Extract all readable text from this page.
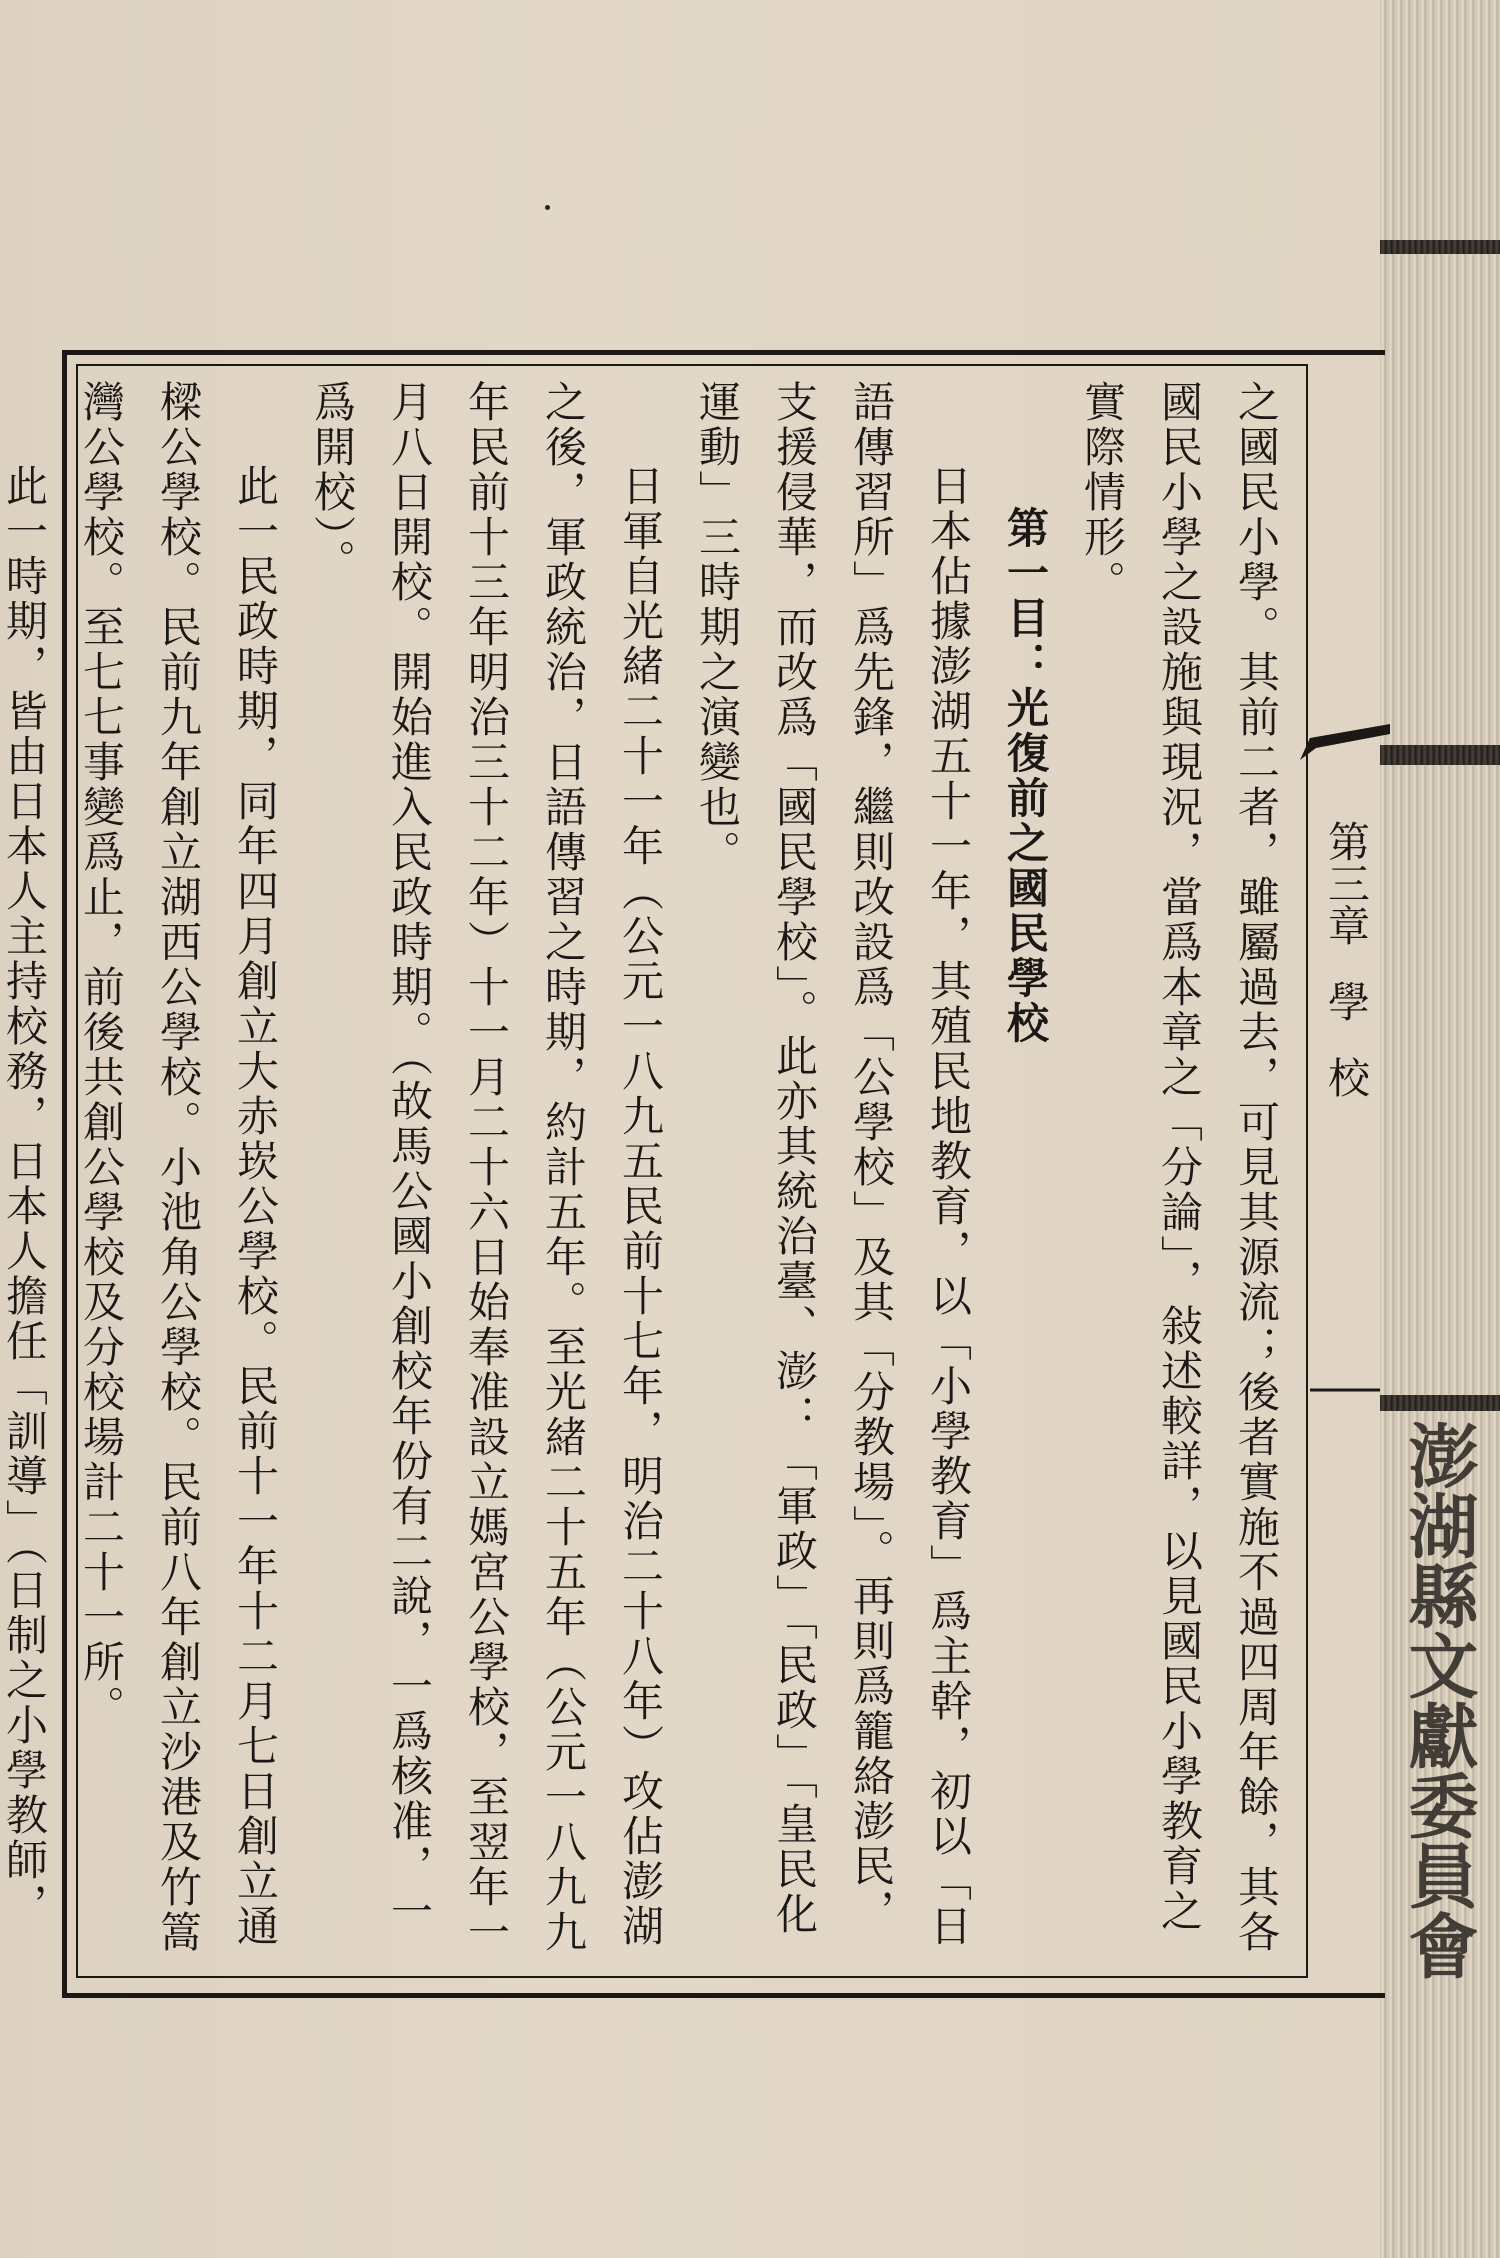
第三章學校
澎湖縣文獻委員會

之國民小學。其前二者，雖屬過去，可見其源流；後者實施不過四周年餘，其各國民小學之設施與現況，當爲本章之「分論」，敍述較詳，以見國民小學教育之實際情形。

第一目：光復前之國民學校

日本佔據澎湖五十一年，其殖民地教育，以「小學教育」爲主幹，初以「日語傳習所」爲先鋒，繼則改設爲「公學校」及其「分教場」。再則爲籠絡澎民，支援侵華，而改爲「國民學校」。此亦其統治臺、澎：「軍政」「民政」「皇民化運動」三時期之演變也。

日軍自光緒二十一年（公元一八九五民前十七年，明治二十八年）攻佔澎湖之後，軍政統治，日語傳習之時期，約計五年。至光緒二十五年（公元一八九九年民前十三年明治三十二年）十一月二十六日始奉准設立媽宮公學校，至翌年一月八日開校。開始進入民政時期。（故馬公國小創校年份有二說，一爲核准，一爲開校）。

此一民政時期，同年四月創立大赤崁公學校。民前十一年十二月七日創立通樑公學校。民前九年創立湖西公學校。小池角公學校。民前八年創立沙港及竹篙灣公學校。至七七事變爲止，前後共創公學校及分校場計二十一所。

此一時期，皆由日本人主持校務，日本人擔任「訓導」（日制之小學教師，
